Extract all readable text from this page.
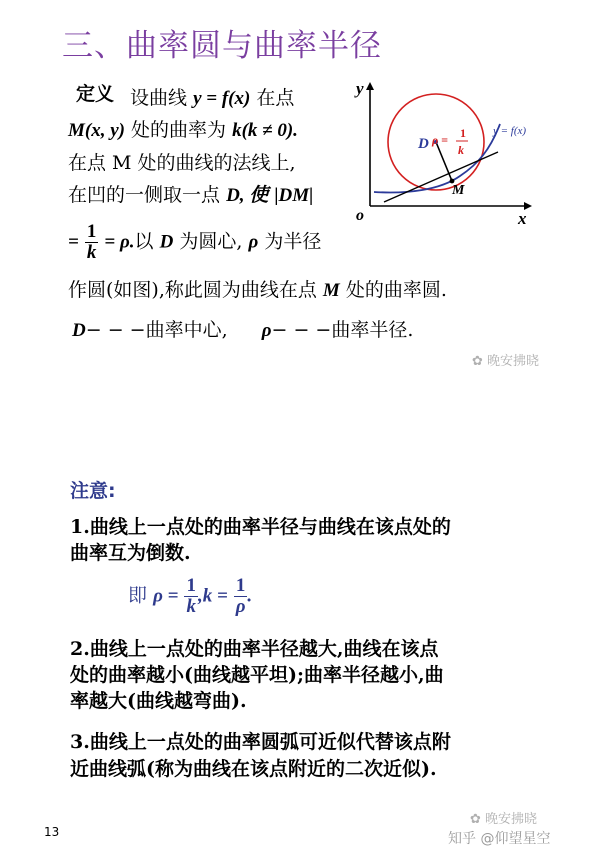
三、曲率圆与曲率半径
定义 设曲线 y = f(x) 在点
M(x, y) 处的曲率为 k(k ≠ 0).
在点 M 处的曲线的法线上,
在凹的一侧取一点 D, 使 |DM|
= $\frac{1}{k} = \rho$.以 D 为圆心, ρ 为半径
作圆(如图),称此圆为曲线在点 M 处的曲率圆.
D− − −曲率中心, ρ− − −曲率半径.
y
x
o
D ρ = 1
k
M
y = f(x)
✿ 晚安拂晓
注意:
1.曲线上一点处的曲率半径与曲线在该点处的
曲率互为倒数.
即 $\rho = \frac{1}{k} ,k = \frac{1}{\rho}$ .
2.曲线上一点处的曲率半径越大,曲线在该点
处的曲率越小(曲线越平坦);曲率半径越小,曲
率越大(曲线越弯曲).
3.曲线上一点处的曲率圆弧可近似代替该点附
近曲线弧(称为曲线在该点附近的二次近似).
13
✿ 晚安拂晓
知乎 @仰望星空
